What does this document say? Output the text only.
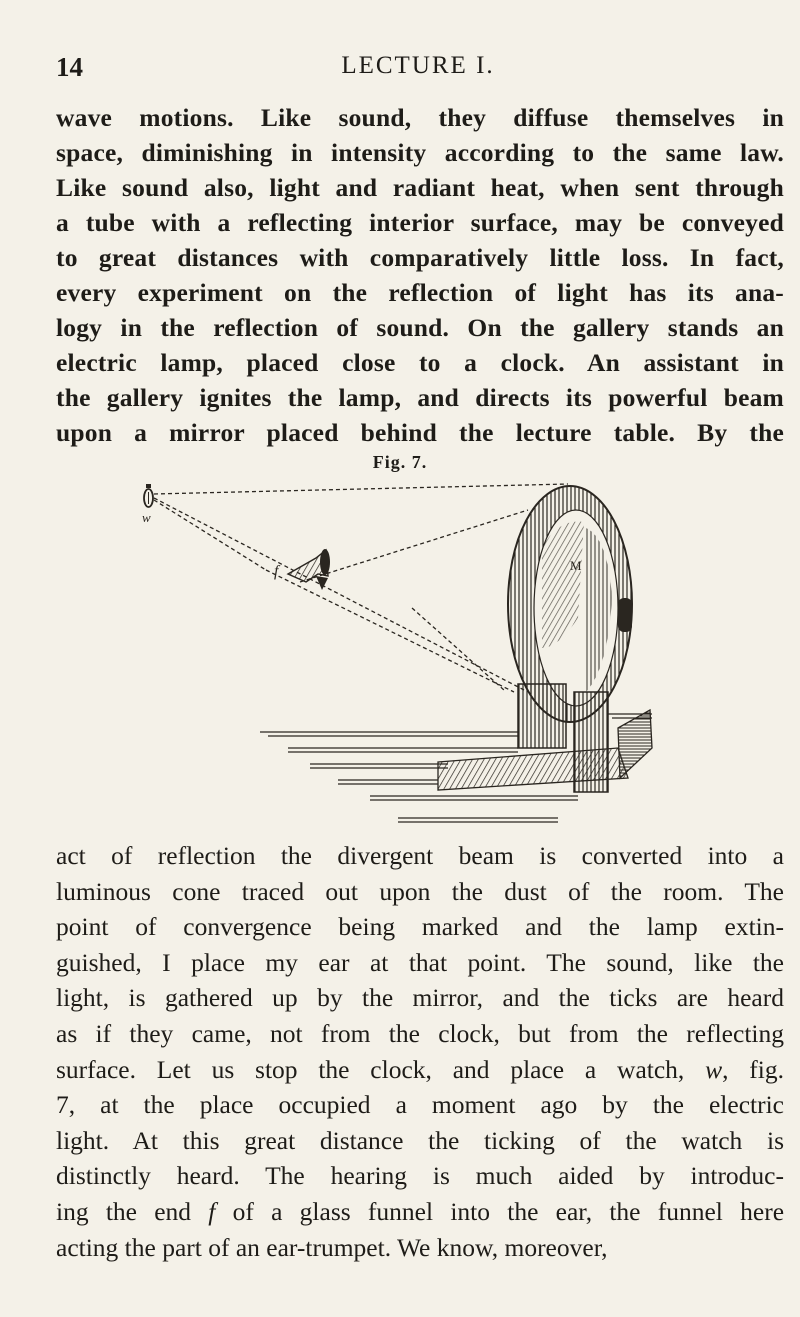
14	LECTURE I.
wave motions. Like sound, they diffuse themselves in
space, diminishing in intensity according to the same law.
Like sound also, light and radiant heat, when sent through
a tube with a reflecting interior surface, may be conveyed
to great distances with comparatively little loss. In fact,
every experiment on the reflection of light has its ana-
logy in the reflection of sound. On the gallery stands an
electric lamp, placed close to a clock. An assistant in
the gallery ignites the lamp, and directs its powerful beam
upon a mirror placed behind the lecture table. By the
Fig. 7.
w
f	M
act of reflection the divergent beam is converted into a
luminous cone traced out upon the dust of the room. The
point of convergence being marked and the lamp extin-
guished, I place my ear at that point. The sound, like the
light, is gathered up by the mirror, and the ticks are heard
as if they came, not from the clock, but from the reflecting
surface. Let us stop the clock, and place a watch, w, fig.
7, at the place occupied a moment ago by the electric
light. At this great distance the ticking of the watch is
distinctly heard. The hearing is much aided by introduc-
ing the end f of a glass funnel into the ear, the funnel here
acting the part of an ear-trumpet. We know, moreover,
